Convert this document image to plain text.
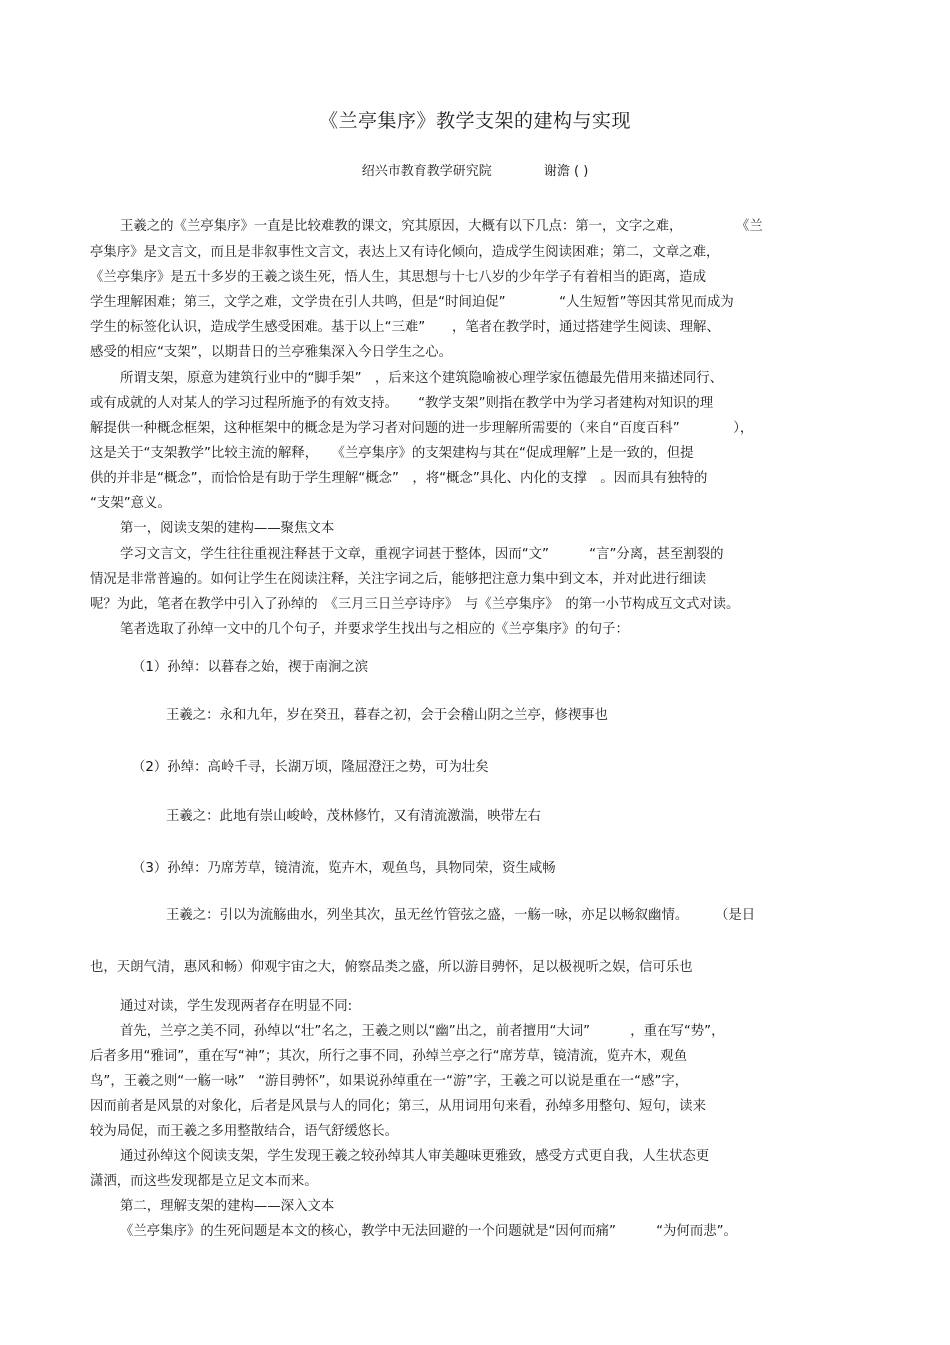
《兰亭集序》教学支架的建构与实现
绍兴市教育教学研究院	谢澹 ( )
王羲之的《兰亭集序》一直是比较难教的课文，究其原因，大概有以下几点：第一，文字之难，　　　　　《兰
亭集序》是文言文，而且是非叙事性文言文，表达上又有诗化倾向，造成学生阅读困难；第二，文章之难，
《兰亭集序》是五十多岁的王羲之谈生死，悟人生，其思想与十七八岁的少年学子有着相当的距离，造成
学生理解困难；第三，文学之难，文学贵在引人共鸣，但是“时间迫促”　　　　“人生短暂”等因其常见而成为
学生的标签化认识，造成学生感受困难。基于以上“三难”　　，笔者在教学时，通过搭建学生阅读、理解、
感受的相应“支架”，以期昔日的兰亭雅集深入今日学生之心。
所谓支架，原意为建筑行业中的“脚手架”　，后来这个建筑隐喻被心理学家伍德最先借用来描述同行、
或有成就的人对某人的学习过程所施予的有效支持。　　“教学支架”则指在教学中为学习者建构对知识的理
解提供一种概念框架，这种框架中的概念是为学习者对问题的进一步理解所需要的（来自“百度百科”　　　　），
这是关于“支架教学”比较主流的解释，　　《兰亭集序》的支架建构与其在“促成理解”上是一致的，但提
供的并非是“概念”，而恰恰是有助于学生理解“概念”　，将“概念”具化、内化的支撑　。因而具有独特的
“支架”意义。
第一，阅读支架的建构——聚焦文本
学习文言文，学生往往重视注释甚于文章，重视字词甚于整体，因而“文”　　　“言”分离，甚至割裂的
情况是非常普遍的。如何让学生在阅读注释，关注字词之后，能够把注意力集中到文本，并对此进行细读
呢？为此，笔者在教学中引入了孙绰的　《三月三日兰亭诗序》　与《兰亭集序》　的第一小节构成互文式对读。
笔者选取了孙绰一文中的几个句子，并要求学生找出与之相应的《兰亭集序》的句子：
（1）孙绰：以暮春之始，禊于南涧之滨
王羲之：永和九年，岁在癸丑，暮春之初，会于会稽山阴之兰亭，修禊事也
（2）孙绰：高岭千寻，长湖万顷，隆屈澄汪之势，可为壮矣
王羲之：此地有崇山峻岭，茂林修竹，又有清流激湍，映带左右
（3）孙绰：乃席芳草，镜清流，览卉木，观鱼鸟，具物同荣，资生咸畅
王羲之：引以为流觞曲水，列坐其次，虽无丝竹管弦之盛，一觞一咏，亦足以畅叙幽情。　　　（是日
也，天朗气清，惠风和畅）仰观宇宙之大，俯察品类之盛，所以游目骋怀，足以极视听之娱，信可乐也
通过对读，学生发现两者存在明显不同:
首先，兰亭之美不同，孙绰以“壮”名之，王羲之则以“幽”出之，前者擅用“大词”　　　，重在写“势”，
后者多用“雅词”，重在写“神”；其次，所行之事不同，孙绰兰亭之行“席芳草，镜清流，览卉木，观鱼
鸟”，王羲之则“一觞一咏”　“游目骋怀”，如果说孙绰重在一“游”字，王羲之可以说是重在一“感”字，
因而前者是风景的对象化，后者是风景与人的同化；第三，从用词用句来看，孙绰多用整句、短句，读来
较为局促，而王羲之多用整散结合，语气舒缓悠长。
通过孙绰这个阅读支架，学生发现王羲之较孙绰其人审美趣味更雅致，感受方式更自我，人生状态更
潇洒，而这些发现都是立足文本而来。
第二，理解支架的建构——深入文本
《兰亭集序》的生死问题是本文的核心，教学中无法回避的一个问题就是“因何而痛”　　　“为何而悲”。
